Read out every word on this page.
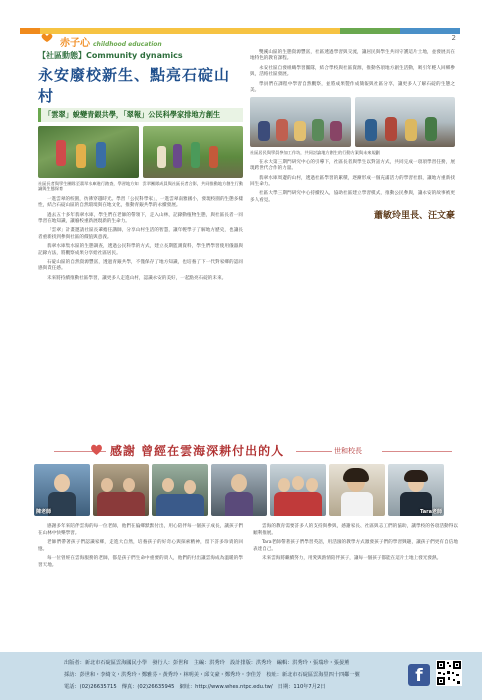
赤子心 childhood education
2
【社區動態】Community dynamics
永安廢校新生、點亮石碇山村
「雲翠」蛻變青銀共學，「翠報」公民科學家排地方創生
社區長者與學生團隊至翡翠水庫進行踏查，學習地方知識與生態保育
雲翠團隊成員與社區長者合影，共同推動地方創生行動

一進雲翠的校園，彷彿穿越時光。學習「公民科學家」，一進雲翠南雅國小，發現校園的生態多樣性，結合石碇山區的自然環境與在地文化，推動青銀共學的永續發展。

過去五十多年翡翠水庫，學生們在老師的帶領下，走入山林，記錄動植物生態，與社區長者一同學習在地知識，讓廢校重新展現新的生命力。

「雲翠」計畫邀請社區長輩擔任講師，分享山村生活的智慧，讓年輕學子了解地方歷史，也讓長者重新找到參與社區的價值與意義。

翡翠水庫集水區的生態調查，透過公民科學的方式，建立長期監測資料，學生們學習使用儀器與記錄方法，將觀察成果分享給社區居民。

石碇山區的自然資源豐富，透過青銀共學，不僅保存了地方知識，也培養了下一代對家鄉的認同感與責任感。

未來將持續推動社區學習，讓更多人走進山村，認識永安的美好，一起點亮石碇的未來。

雙溪山區的生態資源豐富，社區透過學習與交流，讓居民與學生共同守護這片土地，並發展具在地特色的教育課程。

永安社區自發組織學習團隊，結合學校與社區資源，推動各項地方創生活動，吸引年輕人回鄉參與，活絡社區發展。

學員們在課程中學習自然觀察，並將成果製作成簡報與社區分享，讓更多人了解石碇的生態之美。

社區居民與學員參加工作坊，共同討論地方創生的行動方案與未來規劃

在永大第三期門研究中心的引導下，社區長者與學生以對話方式，共同完成一項項學習任務，展現跨世代合作的力量。

翡翠水庫周邊的山村，透過社區學習的累積，逐漸形成一個充滿活力的學習社群，讓地方重新找回生命力。

社區大學三期門研究中心持續投入，協助社區建立學習模式，推動公民參與，讓永安的故事被更多人看見。

蕭敏玲里長、汪文豪
感謝 曾經在雲海深耕付出的人	世和校長
陳老師	Tara老師

感謝多年來陪伴雲海的每一位老師，他們在偏鄉默默付出，用心陪伴每一個孩子成長，讓孩子們在山林中快樂學習。

老師們帶著孩子們認識家鄉，走進大自然，培養孩子的好奇心與探索精神，留下許多珍貴的回憶。

每一位曾經在雲海服務的老師，都是孩子們生命中重要的貴人，他們的付出讓雲海成為溫暖的學習天地。

雲海的教育需要許多人的支持與參與，感謝家長、社區與志工們的協助，讓學校的各項活動得以順利推展。

Tara老師帶著孩子們學習英語，用活潑的教學方式激發孩子們的學習興趣，讓孩子們更有自信地表達自己。

未來雲海將繼續努力，用愛與熱情陪伴孩子，讓每一個孩子都能在這片土地上發光發熱。

出版者：新北市石碇區雲海國民小學　發行人：彭世和　主編：洪秀玲　設計排版：洪秀玲　編輯：洪秀玲・張瑞珍・張晏薰
採訪：彭世和・李綺文・洪秀玲・鄭雅芬・黃秀玲・林明美・邱文豪・鄭秀玲・李佳芳　校址：新北市石碇區雲海里四十四鄰一號
電話：(02)26635715　傳真：(02)26635945　網址：http://www.whes.ntpc.edu.tw/　日期：110年7月2日
f
